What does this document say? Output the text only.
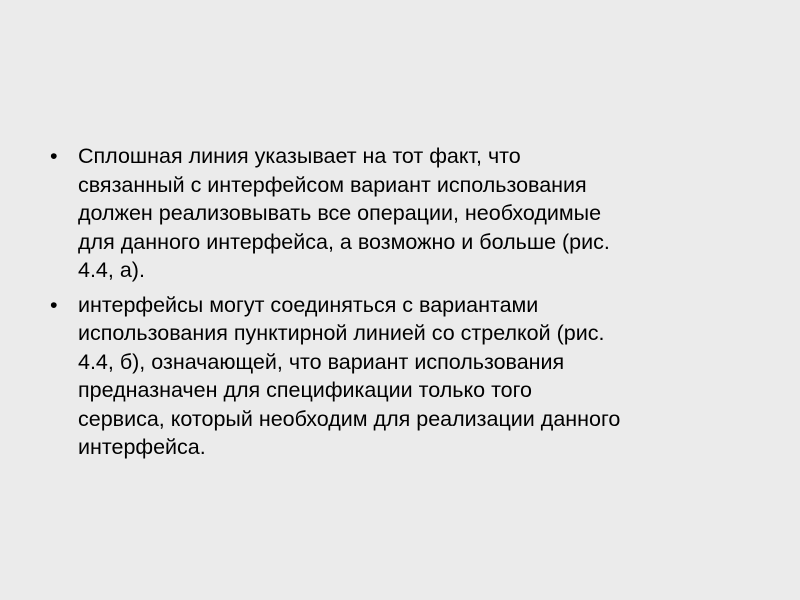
• Сплошная линия указывает на тот факт, что
связанный с интерфейсом вариант использования
должен реализовывать все операции, необходимые
для данного интерфейса, а возможно и больше (рис.
4.4, а).
• интерфейсы могут соединяться с вариантами
использования пунктирной линией со стрелкой (рис.
4.4, б), означающей, что вариант использования
предназначен для спецификации только того
сервиса, который необходим для реализации данного
интерфейса.
